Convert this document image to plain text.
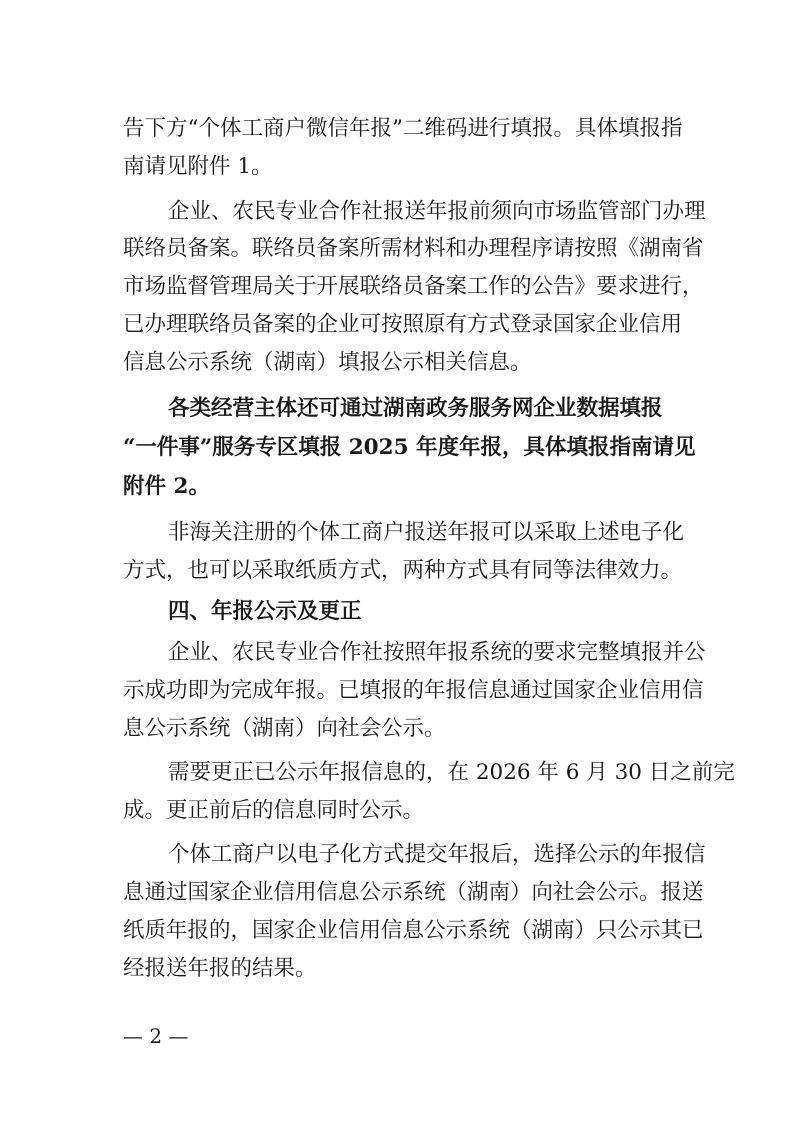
告下方“个体工商户微信年报”二维码进行填报。具体填报指
南请见附件 1。
企业、农民专业合作社报送年报前须向市场监管部门办理
联络员备案。联络员备案所需材料和办理程序请按照《湖南省
市场监督管理局关于开展联络员备案工作的公告》要求进行，
已办理联络员备案的企业可按照原有方式登录国家企业信用
信息公示系统（湖南）填报公示相关信息。
各类经营主体还可通过湖南政务服务网企业数据填报
“一件事”服务专区填报 2025 年度年报，具体填报指南请见
附件 2。
非海关注册的个体工商户报送年报可以采取上述电子化
方式，也可以采取纸质方式，两种方式具有同等法律效力。
四、年报公示及更正
企业、农民专业合作社按照年报系统的要求完整填报并公
示成功即为完成年报。已填报的年报信息通过国家企业信用信
息公示系统（湖南）向社会公示。
需要更正已公示年报信息的，在 2026 年 6 月 30 日之前完
成。更正前后的信息同时公示。
个体工商户以电子化方式提交年报后，选择公示的年报信
息通过国家企业信用信息公示系统（湖南）向社会公示。报送
纸质年报的，国家企业信用信息公示系统（湖南）只公示其已
经报送年报的结果。
— 2 —
